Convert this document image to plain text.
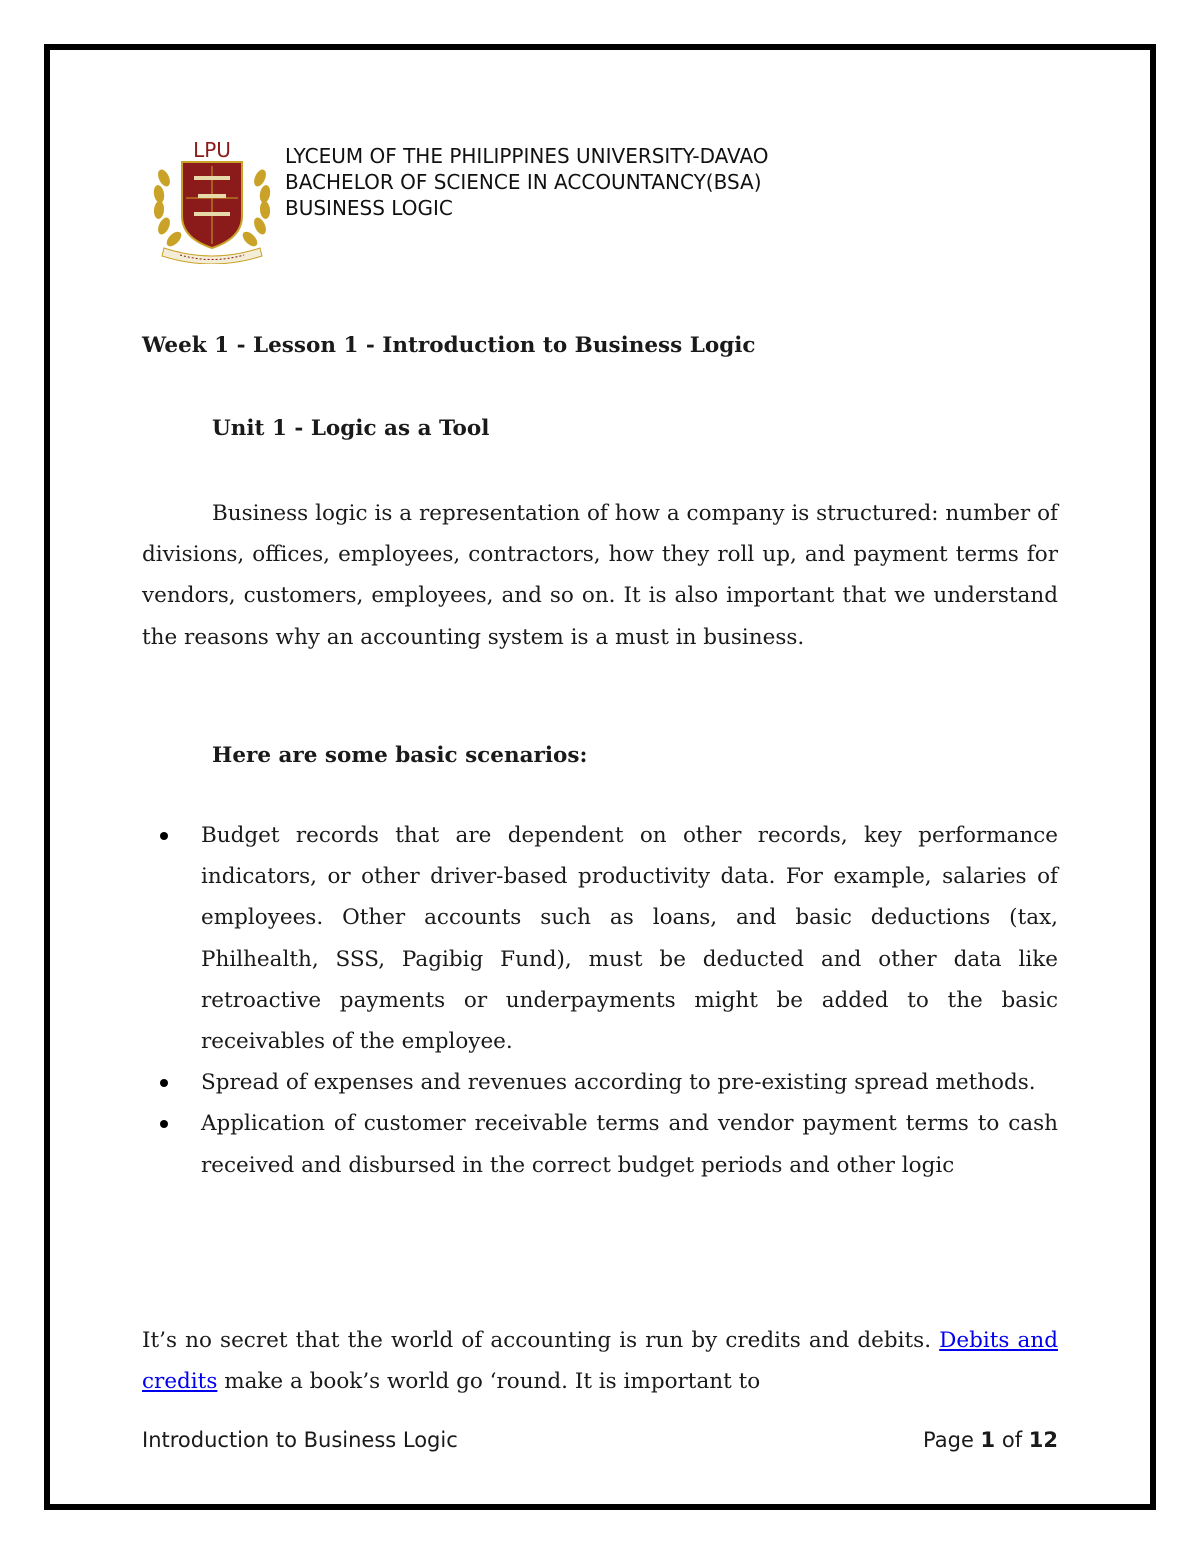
LPU	LYCEUM OF THE PHILIPPINES UNIVERSITY-DAVAO
BACHELOR OF SCIENCE IN ACCOUNTANCY(BSA)
BUSINESS LOGIC
Week 1 - Lesson 1 - Introduction to Business Logic
Unit 1 - Logic as a Tool

Business logic is a representation of how a company is structured: number of divisions, offices, employees, contractors, how they roll up, and payment terms for vendors, customers, employees, and so on. It is also important that we understand the reasons why an accounting system is a must in business.

Here are some basic scenarios:
Budget records that are dependent on other records, key performance indicators, or other driver-based productivity data. For example, salaries of employees. Other accounts such as loans, and basic deductions (tax, Philhealth, SSS, Pagibig Fund), must be deducted and other data like retroactive payments or underpayments might be added to the basic receivables of the employee.
Spread of expenses and revenues according to pre-existing spread methods.
Application of customer receivable terms and vendor payment terms to cash received and disbursed in the correct budget periods and other logic

It’s no secret that the world of accounting is run by credits and debits. Debits and credits make a book’s world go ‘round. It is important to

Introduction to Business Logic	Page 1 of 12
